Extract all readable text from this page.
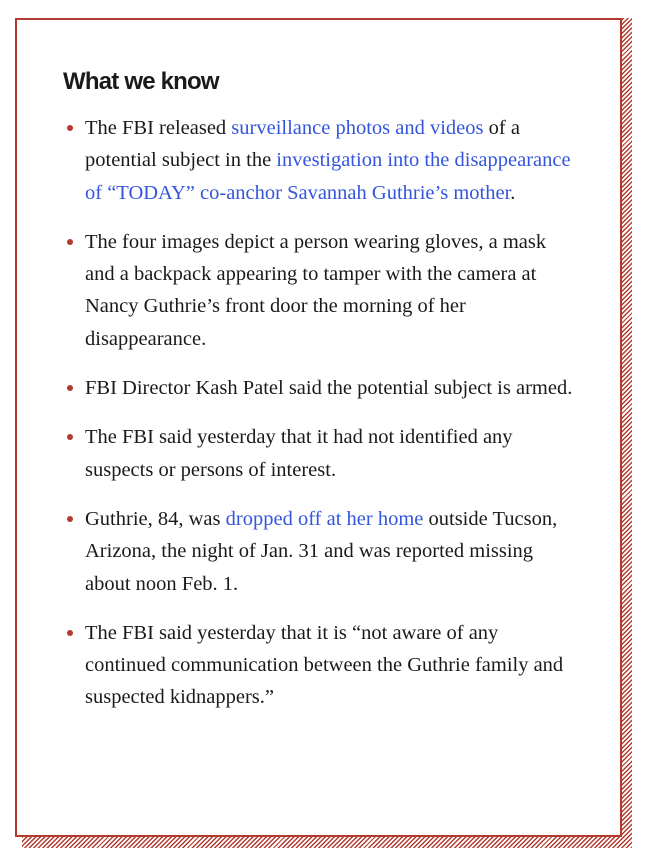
What we know
The FBI released surveillance photos and videos of a potential subject in the investigation into the disappearance of “TODAY” co-anchor Savannah Guthrie’s mother.
The four images depict a person wearing gloves, a mask and a backpack appearing to tamper with the camera at Nancy Guthrie’s front door the morning of her disappearance.
FBI Director Kash Patel said the potential subject is armed.
The FBI said yesterday that it had not identified any suspects or persons of interest.
Guthrie, 84, was dropped off at her home outside Tucson, Arizona, the night of Jan. 31 and was reported missing about noon Feb. 1.
The FBI said yesterday that it is “not aware of any continued communication between the Guthrie family and suspected kidnappers.”
